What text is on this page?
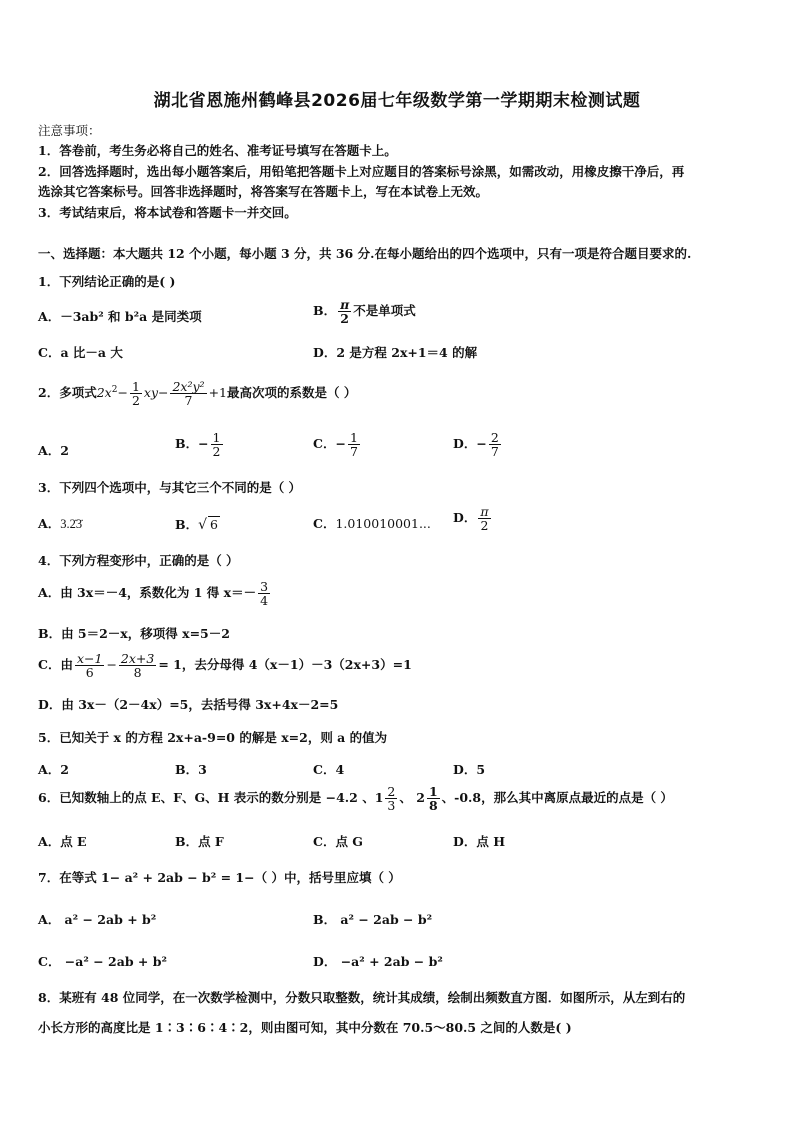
湖北省恩施州鹤峰县2026届七年级数学第一学期期末检测试题
注意事项：
1．答卷前，考生务必将自己的姓名、准考证号填写在答题卡上。
2．回答选择题时，选出每小题答案后，用铅笔把答题卡上对应题目的答案标号涂黑，如需改动，用橡皮擦干净后，再
选涂其它答案标号。回答非选择题时，将答案写在答题卡上，写在本试卷上无效。
3．考试结束后，将本试卷和答题卡一并交回。
一、选择题：本大题共 12 个小题，每小题 3 分，共 36 分.在每小题给出的四个选项中，只有一项是符合题目要求的.
1．下列结论正确的是( )
A．－3ab² 和 b²a 是同类项	B． $\frac{\pi}{2}$ 不是单项式
C．a 比－a 大	D．2 是方程 2x+1＝4 的解
2．多项式$2x^2- \frac{1}{2} xy- \frac{\text{2x²y²}}{7} +1$最高次项的系数是（ ）
A．2	B．− $\frac{1}{2}$	C．− $\frac{1}{7}$	D．− $\frac{2}{7}$
3．下列四个选项中，与其它三个不同的是（ ）
A．3.2̇3̇	B．√ 6	C．1.010010001... D． $\frac{\pi}{2}$
4．下列方程变形中，正确的是（ ）
A．由 3x＝－4，系数化为 1 得 $x=- \frac{3}{4}$
B．由 5＝2－x，移项得 x=5－2
C．由 $\frac{x-1}{6} - \frac{2x+3}{8} = 1$，去分母得 4（x－1）－3（2x+3）=1
D．由 3x－（2－4x）=5，去括号得 3x+4x－2=5
5．已知关于 x 的方程 2x+a-9=0 的解是 x=2，则 a 的值为
A．2	B．3	C．4	D．5
6．已知数轴上的点 E、F、G、H 表示的数分别是 −4.2 、$1 \frac{2}{3}$ 、 $2 \frac{1}{8}$ 、-0.8，那么其中离原点最近的点是（ ）
A．点 E	B．点 F	C．点 G	D．点 H
7．在等式 1− a² + 2ab − b² = 1−（ ）中，括号里应填（ ）
A． a² − 2ab + b²	B． a² − 2ab − b²
C． −a² − 2ab + b²	D． −a² + 2ab − b²
8．某班有 48 位同学，在一次数学检测中，分数只取整数，统计其成绩，绘制出频数直方图．如图所示，从左到右的
小长方形的高度比是 1∶3∶6∶4∶2，则由图可知，其中分数在 70.5～80.5 之间的人数是( )
